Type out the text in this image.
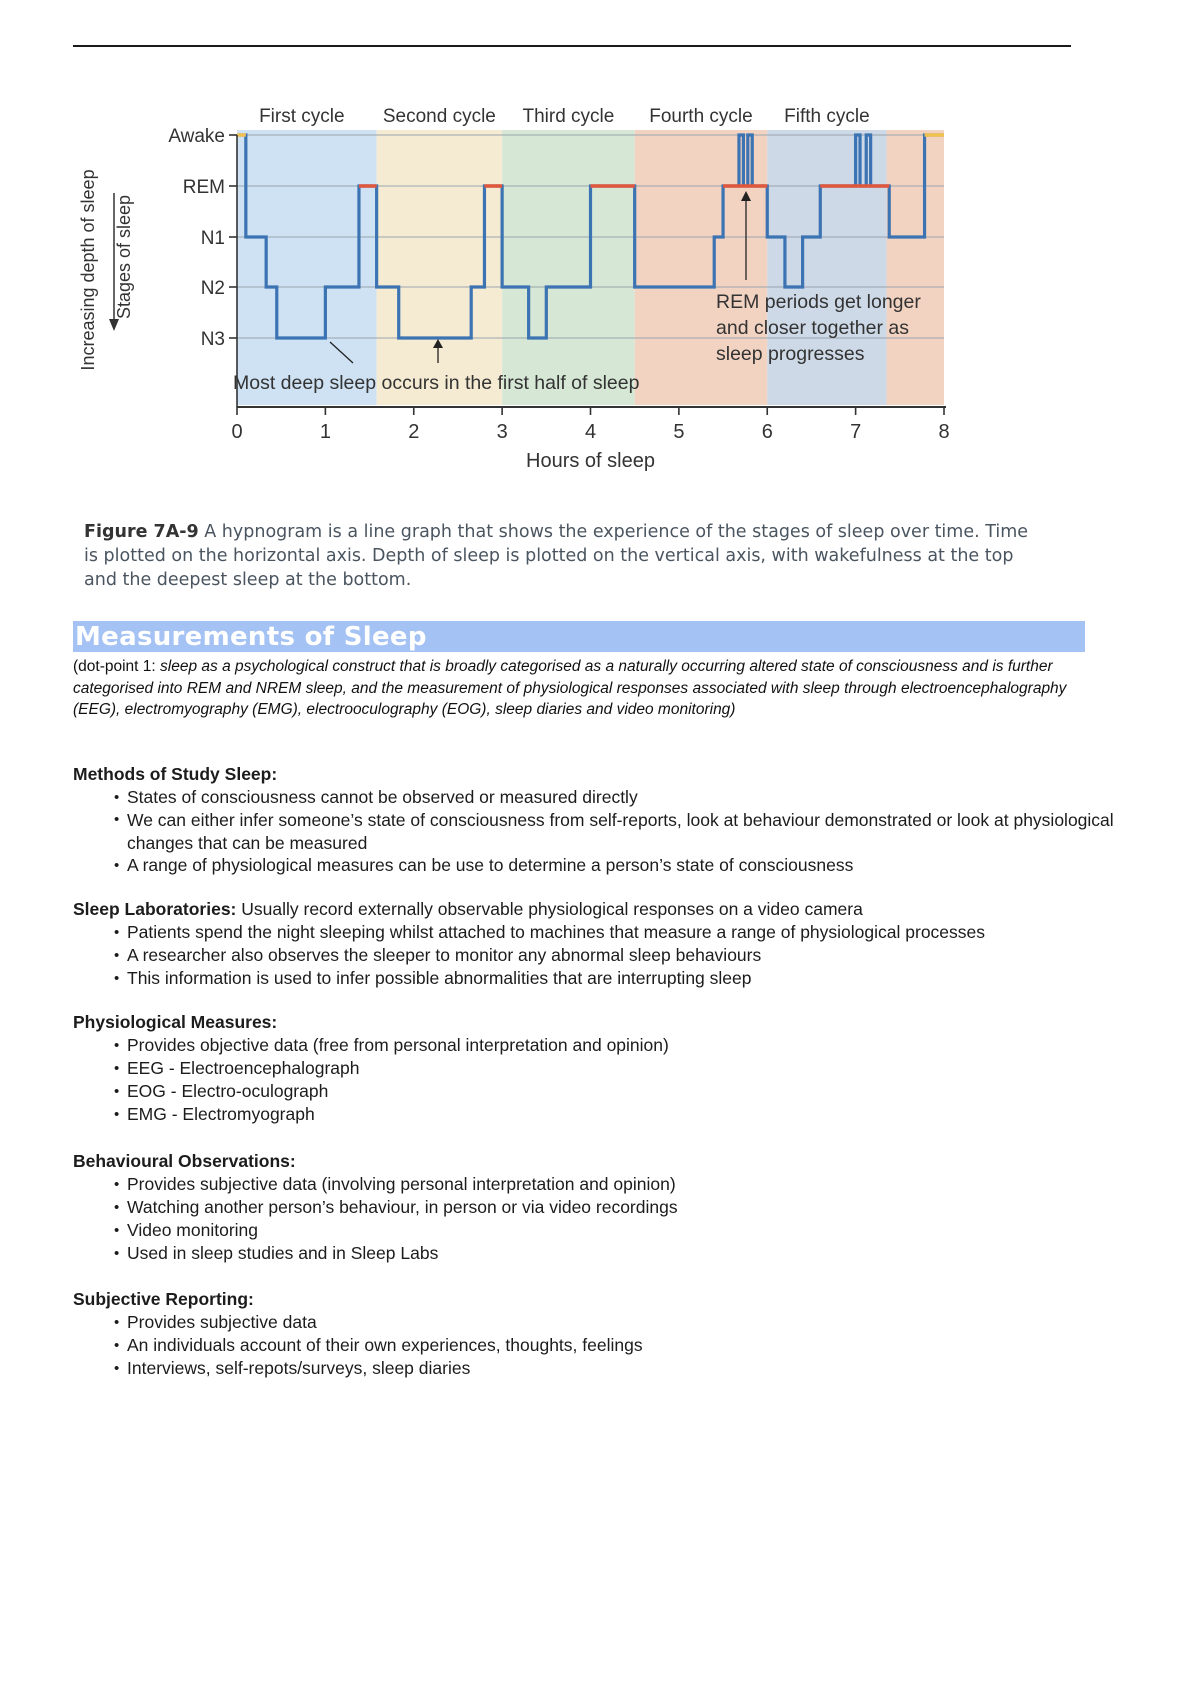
First cycle Second cycle Third cycle Fourth cycle Fifth cycle
Awake
REM
N1
N2
N3
0	1	2	3	4	5	6	7	8
Hours of sleep
Increasing depth of sleep Stages of sleep
Most deep sleep occurs in the first half of sleep
REM periods get longer
and closer together as
sleep progresses
Figure 7A-9 A hypnogram is a line graph that shows the experience of the stages of sleep over time. Time is plotted on the horizontal axis. Depth of sleep is plotted on the vertical axis, with wakefulness at the top and the deepest sleep at the bottom.
Measurements of Sleep
(dot-point 1: sleep as a psychological construct that is broadly categorised as a naturally occurring altered state of consciousness and is further categorised into REM and NREM sleep, and the measurement of physiological responses associated with sleep through electroencephalography (EEG), electromyography (EMG), electrooculography (EOG), sleep diaries and video monitoring)
Methods of Study Sleep:
• States of consciousness cannot be observed or measured directly
• We can either infer someone’s state of consciousness from self-reports, look at behaviour demonstrated or look at physiological changes that can be measured
• A range of physiological measures can be use to determine a person’s state of consciousness
Sleep Laboratories: Usually record externally observable physiological responses on a video camera
• Patients spend the night sleeping whilst attached to machines that measure a range of physiological processes
• A researcher also observes the sleeper to monitor any abnormal sleep behaviours
• This information is used to infer possible abnormalities that are interrupting sleep
Physiological Measures:
• Provides objective data (free from personal interpretation and opinion)
• EEG - Electroencephalograph
• EOG - Electro-oculograph
• EMG - Electromyograph
Behavioural Observations:
• Provides subjective data (involving personal interpretation and opinion)
• Watching another person’s behaviour, in person or via video recordings
• Video monitoring
• Used in sleep studies and in Sleep Labs
Subjective Reporting:
• Provides subjective data
• An individuals account of their own experiences, thoughts, feelings
• Interviews, self-repots/surveys, sleep diaries
